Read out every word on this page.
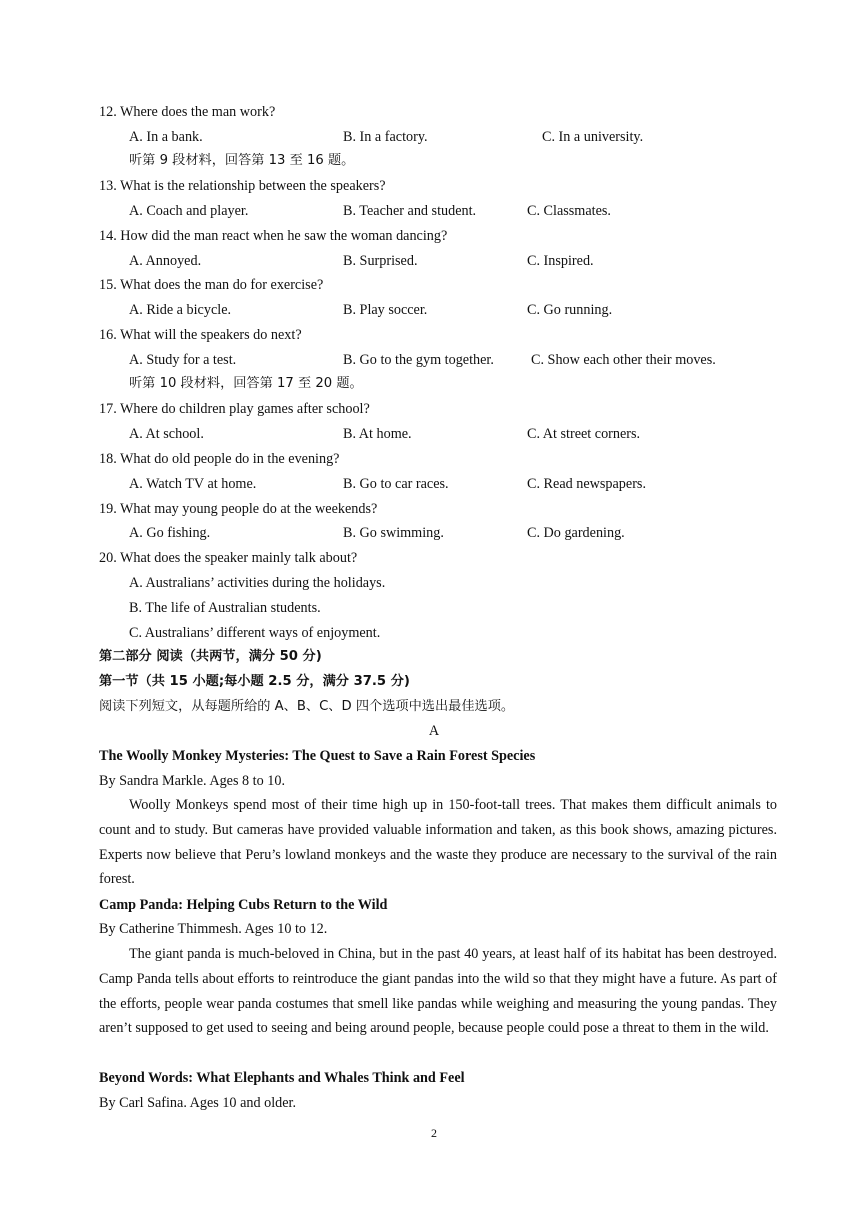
12. Where does the man work?
A. In a bank.	B. In a factory.	C. In a university.
听第 9 段材料，回答第 13 至 16 题。
13. What is the relationship between the speakers?
A. Coach and player.	B. Teacher and student.	C. Classmates.
14. How did the man react when he saw the woman dancing?
A. Annoyed.	B. Surprised.	C. Inspired.
15. What does the man do for exercise?
A. Ride a bicycle.	B. Play soccer.	C. Go running.
16. What will the speakers do next?
A. Study for a test.	B. Go to the gym together.	C. Show each other their moves.
听第 10 段材料，回答第 17 至 20 题。
17. Where do children play games after school?
A. At school.	B. At home.	C. At street corners.
18. What do old people do in the evening?
A. Watch TV at home.	B. Go to car races.	C. Read newspapers.
19. What may young people do at the weekends?
A. Go fishing.	B. Go swimming.	C. Do gardening.
20. What does the speaker mainly talk about?
A. Australians’ activities during the holidays.
B. The life of Australian students.
C. Australians’ different ways of enjoyment.
第二部分 阅读（共两节，满分 50 分)
第一节（共 15 小题;每小题 2.5 分，满分 37.5 分)
阅读下列短文，从每题所给的 A、B、C、D 四个选项中选出最佳选项。
A
The Woolly Monkey Mysteries: The Quest to Save a Rain Forest Species
By Sandra Markle. Ages 8 to 10.
Woolly Monkeys spend most of their time high up in 150-foot-tall trees. That makes them difficult animals to count and to study. But cameras have provided valuable information and taken, as this book shows, amazing pictures. Experts now believe that Peru’s lowland monkeys and the waste they produce are necessary to the survival of the rain forest.
Camp Panda: Helping Cubs Return to the Wild
By Catherine Thimmesh. Ages 10 to 12.
The giant panda is much-beloved in China, but in the past 40 years, at least half of its habitat has been destroyed. Camp Panda tells about efforts to reintroduce the giant pandas into the wild so that they might have a future. As part of the efforts, people wear panda costumes that smell like pandas while weighing and measuring the young pandas. They aren’t supposed to get used to seeing and being around people, because people could pose a threat to them in the wild.
Beyond Words: What Elephants and Whales Think and Feel
By Carl Safina. Ages 10 and older.
2
